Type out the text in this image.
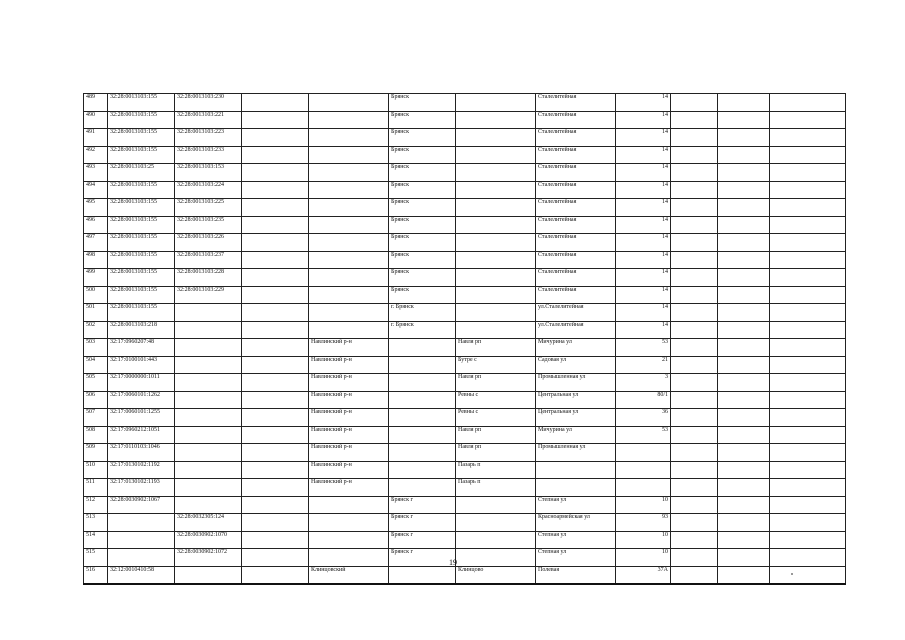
489	32:28:0013103:155	32:28:0013103:230			Брянск		Сталелитейная	14			
490	32:28:0013103:155	32:28:0013103:221			Брянск		Сталелитейная	14			
491	32:28:0013103:155	32:28:0013103:223			Брянск		Сталелитейная	14			
492	32:28:0013103:155	32:28:0013103:233			Брянск		Сталелитейная	14			
493	32:28:0013103:25	32:28:0013103:153			Брянск		Сталелитейная	14			
494	32:28:0013103:155	32:28:0013103:224			Брянск		Сталелитейная	14			
495	32:28:0013103:155	32:28:0013103:225			Брянск		Сталелитейная	14			
496	32:28:0013103:155	32:28:0013103:235			Брянск		Сталелитейная	14			
497	32:28:0013103:155	32:28:0013103:226			Брянск		Сталелитейная	14			
498	32:28:0013103:155	32:28:0013103:237			Брянск		Сталелитейная	14			
499	32:28:0013103:155	32:28:0013103:228			Брянск		Сталелитейная	14			
500	32:28:0013103:155	32:28:0013103:229			Брянск		Сталелитейная	14			
501	32:28:0013103:155				г. Брянск		ул.Сталелитейная	14			
502	32:28:0013103:218				г. Брянск		ул.Сталелитейная	14			
503	32:17:0960207:48			Навлинский р-н		Навля рп	Мичурина ул	53			
504	32:17:0100101:443			Навлинский р-н		Бутре с	Садовая ул	21			
505	32:17:0000000:1011			Навлинский р-н		Навля рп	Промышленная ул	3			
506	32:17:0060101:1262			Навлинский р-н		Ревны с	Центральная ул	80/1			
507	32:17:0060101:1255			Навлинский р-н		Ревны с	Центральная ул	36			
508	32:17:0960212:1051			Навлинский р-н		Навля рп	Мичурина ул	53			
509	32:17:0110103:1046			Навлинский р-н		Навля рп	Промышленная ул				
510	32:17:0130102:1192			Навлинский р-н		Пазарь п					
511	32:17:0130102:1193			Навлинский р-н		Пазарь п					
512	32:28:0030902:1067				Брянск г		Степная ул	10			
513		32:28:0032305:124			Брянск г		Красноармейская ул	93			
514		32:28:0030902:1070			Брянск г		Степная ул	10			
515		32:28:0030902:1072			Брянск г		Степная ул	10			
516	32:12:0010410:58			Клинцовский		Клинцово	Полевая	37А			
19
